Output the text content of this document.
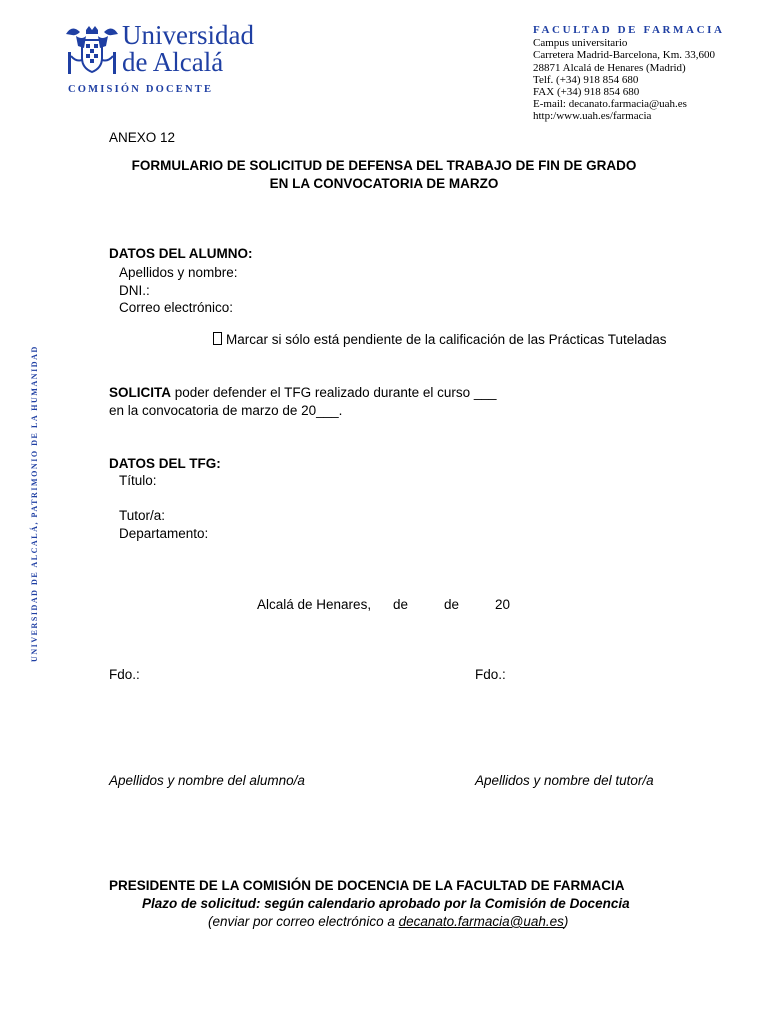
Universidad
de Alcalá
COMISIÓN DOCENTE
FACULTAD DE FARMACIA
Campus universitario
Carretera Madrid-Barcelona, Km. 33,600
28871 Alcalá de Henares (Madrid)
Telf. (+34) 918 854 680
FAX (+34) 918 854 680
E-mail: decanato.farmacia@uah.es
http:/www.uah.es/farmacia
UNIVERSIDAD DE ALCALÁ, PATRIMONIO DE LA HUMANIDAD
ANEXO 12
FORMULARIO DE SOLICITUD DE DEFENSA DEL TRABAJO DE FIN DE GRADO
EN LA CONVOCATORIA DE MARZO
DATOS DEL ALUMNO:
Apellidos y nombre:
DNI.:
Correo electrónico:
Marcar si sólo está pendiente de la calificación de las Prácticas Tuteladas
SOLICITA poder defender el TFG realizado durante el curso ___
en la convocatoria de marzo de 20___.
DATOS DEL TFG:
Título:
Tutor/a:
Departamento:
Alcalá de Henares, de	de	20
Fdo.:	Fdo.:
Apellidos y nombre del alumno/a	Apellidos y nombre del tutor/a
PRESIDENTE DE LA COMISIÓN DE DOCENCIA DE LA FACULTAD DE FARMACIA
Plazo de solicitud: según calendario aprobado por la Comisión de Docencia
(enviar por correo electrónico a decanato.farmacia@uah.es)
